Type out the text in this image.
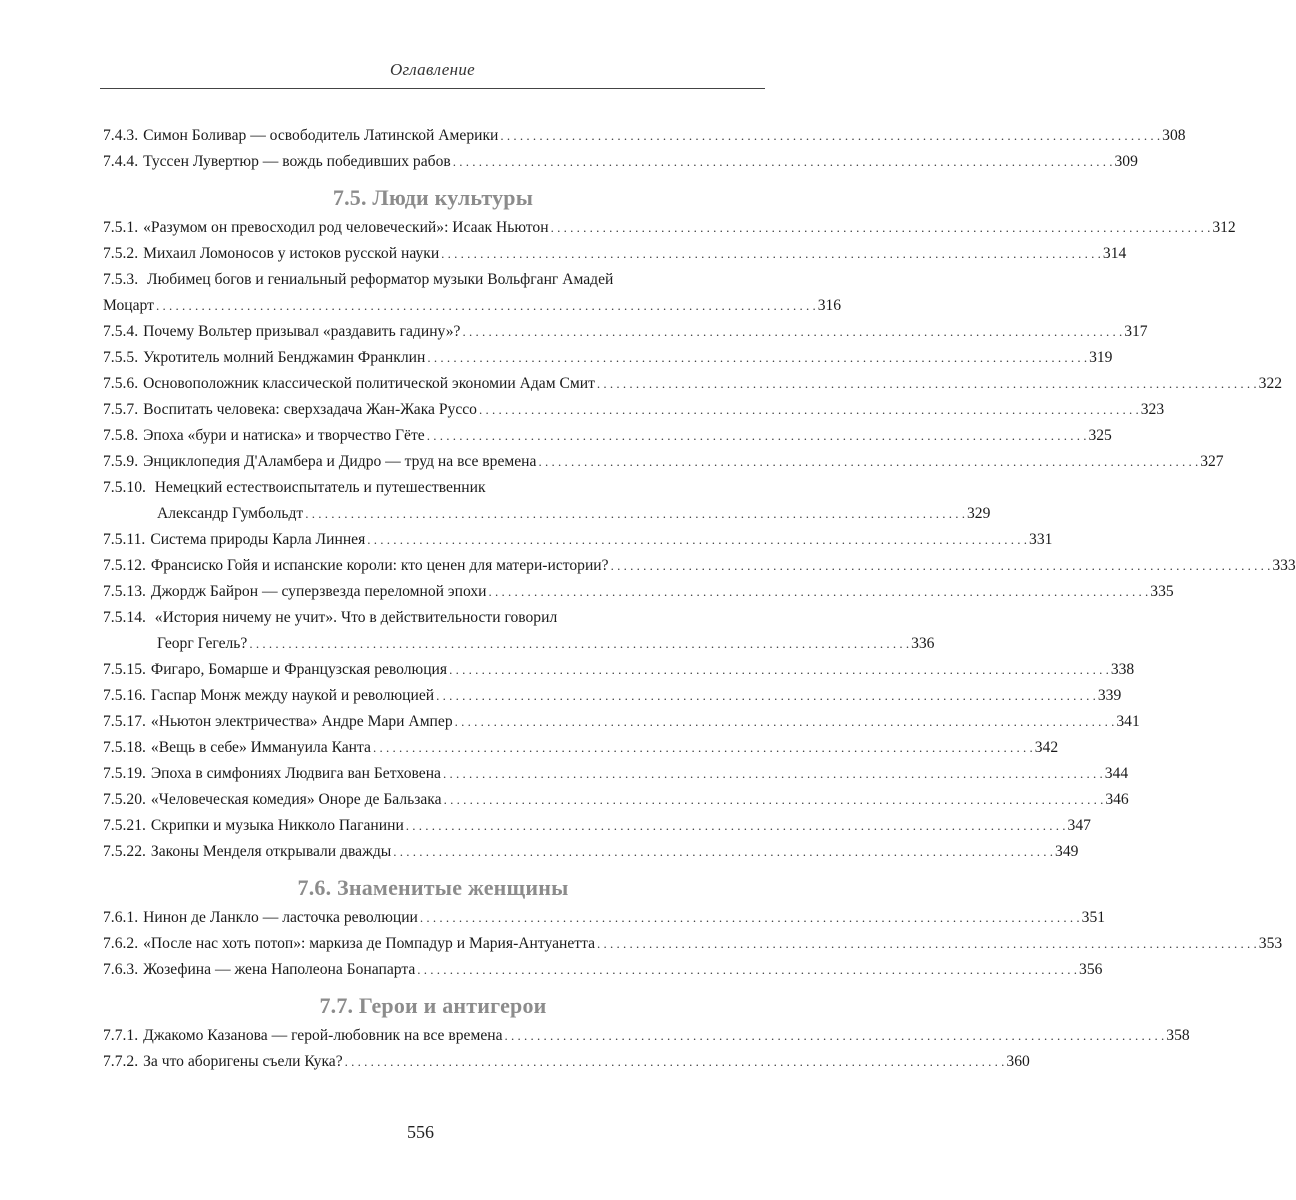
Оглавление
7.4.3. Симон Боливар — освободитель Латинской Америки . . .	308
7.4.4. Туссен Лувертюр — вождь победивших рабов . . .	309
7.5. Люди культуры
7.5.1. «Разумом он превосходил род человеческий»: Исаак Ньютон . . .	312
7.5.2. Михаил Ломоносов у истоков русской науки . . .	314
7.5.3. Любимец богов и гениальный реформатор музыки Вольфганг Амадей
Моцарт . . .	316
7.5.4. Почему Вольтер призывал «раздавить гадину»? . . .	317
7.5.5. Укротитель молний Бенджамин Франклин . . .	319
7.5.6. Основоположник классической политической экономии Адам Смит . . .	322
7.5.7. Воспитать человека: сверхзадача Жан-Жака Руссо . . .	323
7.5.8. Эпоха «бури и натиска» и творчество Гёте . . .	325
7.5.9. Энциклопедия Д'Аламбера и Дидро — труд на все времена . . .	327
7.5.10. Немецкий естествоиспытатель и путешественник
Александр Гумбольдт . . .	329
7.5.11. Система природы Карла Линнея . . .	331
7.5.12. Франсиско Гойя и испанские короли: кто ценен для матери-истории? . . .	333
7.5.13. Джордж Байрон — суперзвезда переломной эпохи . . .	335
7.5.14. «История ничему не учит». Что в действительности говорил
Георг Гегель? . . .	336
7.5.15. Фигаро, Бомарше и Французская революция . . .	338
7.5.16. Гаспар Монж между наукой и революцией . . .	339
7.5.17. «Ньютон электричества» Андре Мари Ампер . . .	341
7.5.18. «Вещь в себе» Иммануила Канта . . .	342
7.5.19. Эпоха в симфониях Людвига ван Бетховена . . .	344
7.5.20. «Человеческая комедия» Оноре де Бальзака . . .	346
7.5.21. Скрипки и музыка Никколо Паганини . . .	347
7.5.22. Законы Менделя открывали дважды . . .	349
7.6. Знаменитые женщины
7.6.1. Нинон де Ланкло — ласточка революции . . .	351
7.6.2. «После нас хоть потоп»: маркиза де Помпадур и Мария-Антуанетта . . .	353
7.6.3. Жозефина — жена Наполеона Бонапарта . . .	356
7.7. Герои и антигерои
7.7.1. Джакомо Казанова — герой-любовник на все времена . . .	358
7.7.2. За что аборигены съели Кука? . . .	360
556
